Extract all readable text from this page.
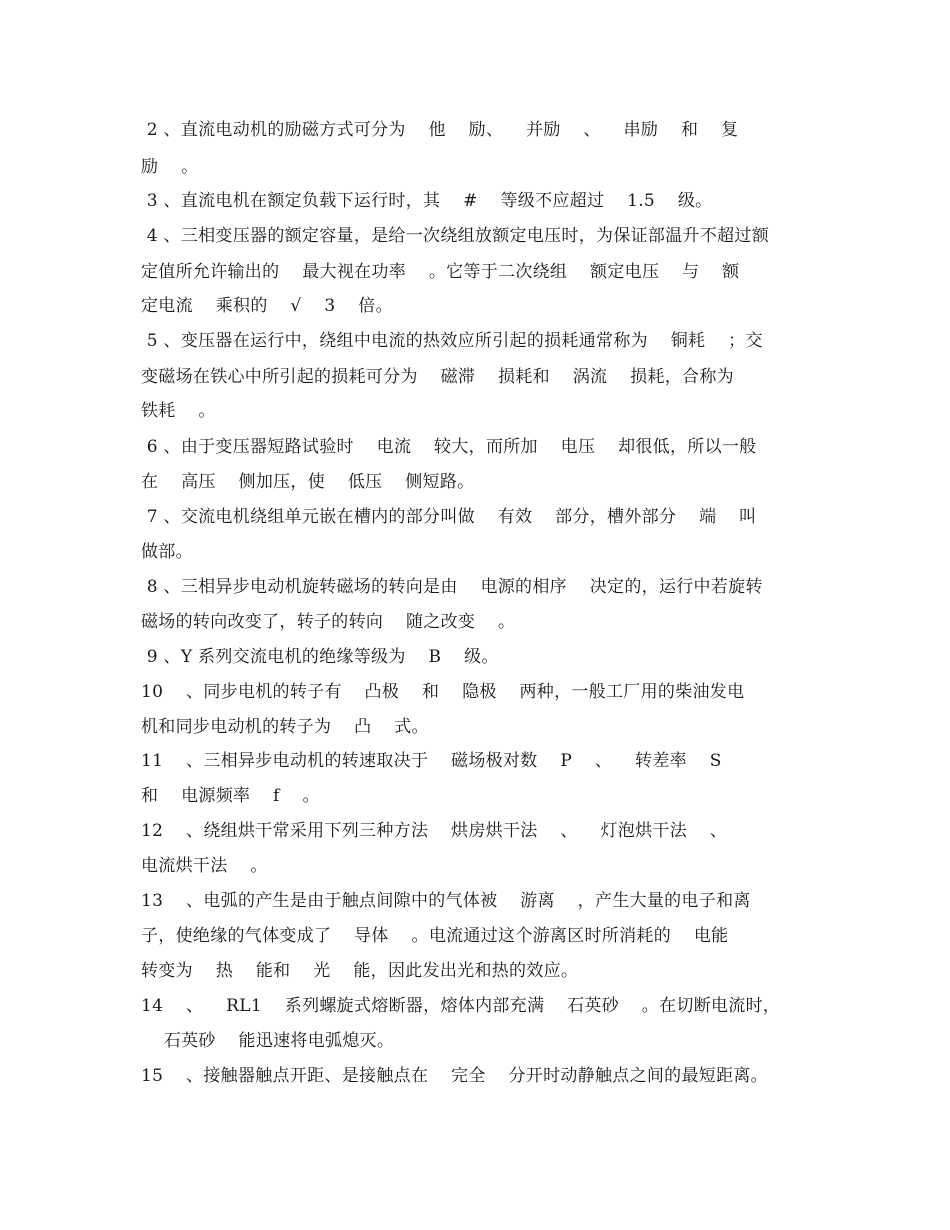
2 、直流电动机的励磁方式可分为    他    励、    并励    、    串励    和    复
励    。
3 、直流电机在额定负载下运行时，其    #    等级不应超过    1.5    级。
4 、三相变压器的额定容量，是给一次绕组放额定电压时，为保证部温升不超过额
定值所允许输出的    最大视在功率    。它等于二次绕组    额定电压    与    额
定电流    乘积的    √    3    倍。
5 、变压器在运行中，绕组中电流的热效应所引起的损耗通常称为    铜耗    ；交
变磁场在铁心中所引起的损耗可分为    磁滞    损耗和    涡流    损耗，合称为
铁耗    。
6 、由于变压器短路试验时    电流    较大，而所加    电压    却很低，所以一般
在    高压    侧加压，使    低压    侧短路。
7 、交流电机绕组单元嵌在槽内的部分叫做    有效    部分，槽外部分    端    叫
做部。
8 、三相异步电动机旋转磁场的转向是由    电源的相序    决定的，运行中若旋转
磁场的转向改变了，转子的转向    随之改变    。
9 、Y 系列交流电机的绝缘等级为    B    级。
10    、同步电机的转子有    凸极    和    隐极    两种，一般工厂用的柴油发电
机和同步电动机的转子为    凸    式。
11    、三相异步电动机的转速取决于    磁场极对数    P    、    转差率    S
和    电源频率    f    。
12    、绕组烘干常采用下列三种方法    烘房烘干法    、    灯泡烘干法    、
电流烘干法    。
13    、电弧的产生是由于触点间隙中的气体被    游离    ，产生大量的电子和离
子，使绝缘的气体变成了    导体    。电流通过这个游离区时所消耗的    电能
转变为    热    能和    光    能，因此发出光和热的效应。
14    、    RL1    系列螺旋式熔断器，熔体内部充满    石英砂    。在切断电流时，
石英砂    能迅速将电弧熄灭。
15    、接触器触点开距、是接触点在    完全    分开时动静触点之间的最短距离。
